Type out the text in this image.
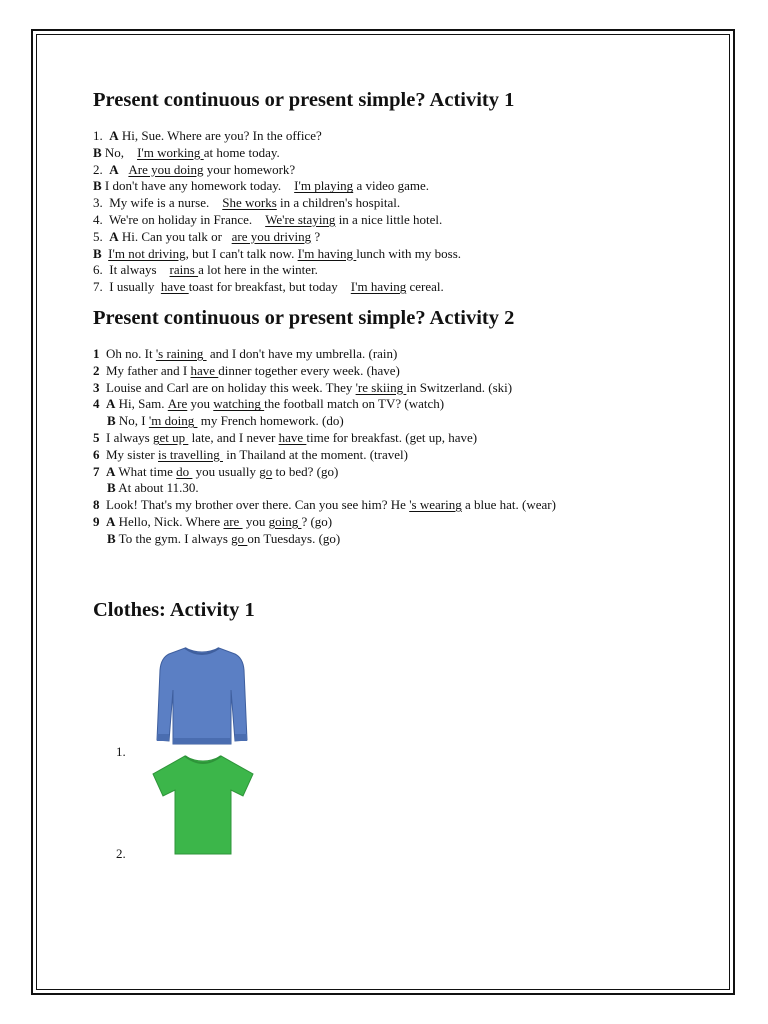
Present continuous or present simple? Activity 1
1. A Hi, Sue. Where are you? In the office?
B No, I'm working at home today.
2. A
Are you doing your homework?
B I don't have any homework today. I'm playing a video game.
3.  My wife is a nurse. She works in a children's hospital.
4.  We're on holiday in France. We're staying in a nice little hotel.
5. A Hi. Can you talk or are you driving ?
B
I'm not driving , but I can't talk now. I'm having lunch with my boss.
6.  It always rains a lot here in the winter.
7.  I usually have toast for breakfast, but today I'm having cereal.
Present continuous or present simple? Activity 2
1 Oh no. It 's raining and I don't have my umbrella. (rain)
2 My father and I have dinner together every week. (have)
3 Louise and Carl are on holiday this week. They 're skiing in Switzerland. (ski)
4
A Hi, Sam. Are you watching the football match on TV? (watch)
B No, I 'm doing my French homework. (do)
5 I always get up late, and I never have time for breakfast. (get up, have)
6 My sister is travelling in Thailand at the moment. (travel)
7
A What time do you usually go to bed? (go)
B At about 11.30.
8 Look! That's my brother over there. Can you see him? He 's wearing a blue hat. (wear)
9
A Hello, Nick. Where are you going ? (go)
B To the gym. I always go on Tuesdays. (go)
Clothes: Activity 1
1.
2.
